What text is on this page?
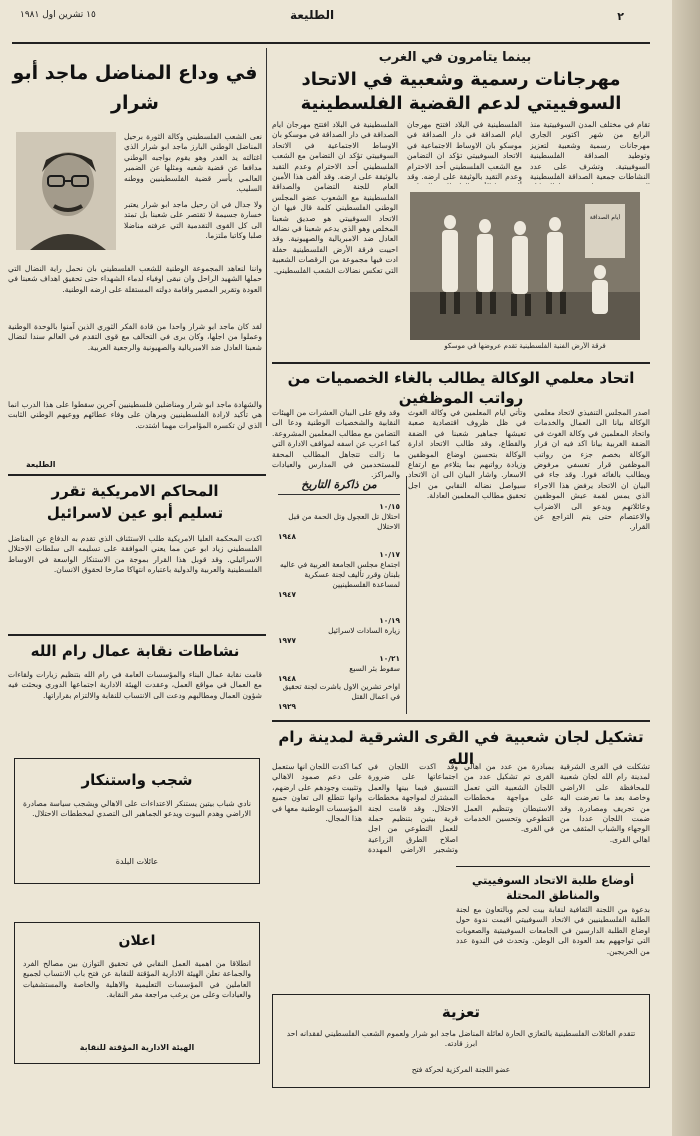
٢
الطليعة
١٥ تشرين أول ١٩٨١
بينما يتآمرون في الغرب
مهرجانات رسمية وشعبية في الاتحاد السوفييتي لدعم القضية الفلسطينية
تقام في مختلف المدن السوفييتية منذ الرابع من شهر اكتوبر الجاري مهرجانات رسمية وشعبية لتعزيز وتوطيد الصداقة الفلسطينية السوفييتية. وتشرف على عدد النشاطات جمعية الصداقة الفلسطينية
الفلسطينية في البلاد افتتح مهرجان ايام الصداقة في دار الصداقة في موسكو بان الاوساط الاجتماعية في الاتحاد السوفييتي تؤكد ان التضامن مع الشعب الفلسطيني أحد الاحترام وعدم التقيد بالوثيقة على ارضه. وقد
الفلسطينية في البلاد افتتح مهرجان ايام الصداقة في دار الصداقة في موسكو بان الاوساط الاجتماعية في الاتحاد السوفييتي تؤكد ان التضامن مع الشعب الفلسطيني أحد الاحترام وعدم التقيد بالوثيقة على ارضه. وقد ألقى هذا الأمين العام للجنة التضامن والصداقة الفلسطينية مع الشعوب عضو المجلس الوطني الفلسطيني كلمة قال فيها ان الاتحاد السوفييتي هو صديق شعبنا المخلص وهو الذي يدعم شعبنا في نضاله العادل ضد الامبريالية والصهيونية. وقد احييت فرقة الأرض الفلسطينية حفلة ادت فيها مجموعة من الرقصات الشعبية التي تعكس نضالات الشعب الفلسطيني.
أيام الصداقة
فرقة الأرض الفنية الفلسطينية تقدم عروضها في موسكو
في وداع المناضل ماجد أبو شرار
نعى الشعب الفلسطيني وكالة الثورة برحيل المناضل الوطني البارز ماجد ابو شرار الذي اغتالته يد الغدر وهو يقوم بواجبه الوطني مدافعا عن قضية شعبه ومثلها عن الضمير العالمي يأسر قضية الفلسطينيين ووطنه السليب.
ولا جدال في ان رحيل ماجد ابو شرار يعتبر خسارة جسيمة لا تقتصر على شعبنا بل تمتد الى كل القوى التقدمية التي عرفته مناضلا صلبا وكاتبا ملتزما.
واننا لنعاهد المجموعة الوطنية للشعب الفلسطيني بان نحمل راية النضال التي حملها الشهيد الراحل وان نبقى اوفياء لدماء الشهداء حتى تحقيق اهداف شعبنا في العودة وتقرير المصير واقامة دولته المستقلة على ارضه الوطنية.
لقد كان ماجد ابو شرار واحدا من قادة الفكر الثوري الذين آمنوا بالوحدة الوطنية وعملوا من اجلها، وكان يرى في التحالف مع قوى التقدم في العالم سندا لنضال شعبنا العادل ضد الامبريالية والصهيونية والرجعية العربية.
والشهادة ماجد ابو شرار ومناضلين فلسطينيين آخرين سقطوا على هذا الدرب انما هي تأكيد لارادة الفلسطينيين وبرهان على وفاء عطائهم ووعيهم الوطني الثابت الذي لن تكسره المؤامرات مهما اشتدت.
الطليعة
اتحاد معلمي الوكالة يطالب بالغاء الخصميات من رواتب الموظفين
اصدر المجلس التنفيذي لاتحاد معلمي الوكالة بيانا الى العمال والخدمات واتحاد المعلمين في وكالة الغوث في الضفة الغربية بيانا اكد فيه ان قرار الوكالة بخصم جزء من رواتب الموظفين قرار تعسفي مرفوض ويطالب بالغائه فورا. وقد جاء في البيان ان الاتحاد يرفض هذا الاجراء الذي يمس لقمة عيش الموظفين وعائلاتهم ويدعو الى الاضراب والاعتصام حتى يتم التراجع عن القرار.
وتأتي ايام المعلمين في وكالة الغوث في ظل ظروف اقتصادية صعبة تعيشها جماهير شعبنا في الضفة والقطاع، وقد طالب الاتحاد ادارة الوكالة بتحسين اوضاع الموظفين وزيادة رواتبهم بما يتلاءم مع ارتفاع الاسعار. واشار البيان الى ان الاتحاد سيواصل نضاله النقابي من اجل تحقيق مطالب المعلمين العادلة.
وقد وقع على البيان العشرات من الهيئات النقابية والشخصيات الوطنية ودعا الى التضامن مع مطالب المعلمين المشروعة. كما اعرب عن اسفه لمواقف الادارة التي ما زالت تتجاهل المطالب المحقة للمستخدمين في المدارس والعيادات والمراكز.
من ذاكرة التاريخ
١٠/١٥
احتلال تل العجول وتل الحمة من قبل الاحتلال
١٩٤٨
١٠/١٧
اجتماع مجلس الجامعة العربية في عاليه بلبنان وقرر تأليف لجنة عسكرية لمساعدة الفلسطينيين
١٩٤٧
١٠/١٩
زيارة السادات لاسرائيل
١٩٧٧
١٠/٢١
سقوط بئر السبع
١٩٤٨
اواخر تشرين الاول باشرت لجنة تحقيق في اعمال القتل
١٩٢٩
المحاكم الامريكية تقرر تسليم أبو عين لاسرائيل
اكدت المحكمة العليا الامريكية طلب الاستئناف الذي تقدم به الدفاع عن المناضل الفلسطيني زياد ابو عين مما يعني الموافقة على تسليمه الى سلطات الاحتلال الاسرائيلي. وقد قوبل هذا القرار بموجة من الاستنكار الواسعة في الاوساط الفلسطينية والعربية والدولية باعتباره انتهاكا صارخا لحقوق الانسان.
نشاطات نقابة عمال رام الله
قامت نقابة عمال البناء والمؤسسات العامة في رام الله بتنظيم زيارات ولقاءات مع العمال في مواقع العمل، وعقدت الهيئة الادارية اجتماعها الدوري وبحثت فيه شؤون العمال ومطالبهم ودعت الى الانتساب للنقابة والالتزام بقراراتها.
شجب واستنكار
نادي شباب بيتين يستنكر الاعتداءات على الاهالي ويشجب سياسة مصادرة الاراضي وهدم البيوت ويدعو الجماهير الى التصدي لمخططات الاحتلال.
عائلات البلدة
اعلان
انطلاقا من اهمية العمل النقابي في تحقيق التوازن بين مصالح الفرد والجماعة تعلن الهيئة الادارية المؤقتة للنقابة عن فتح باب الانتساب لجميع العاملين في المؤسسات التعليمية والاهلية والخاصة والمستشفيات والعيادات وعلى من يرغب مراجعة مقر النقابة.
الهيئة الادارية المؤقتة للنقابة
تشكيل لجان شعبية في القرى الشرقية لمدينة رام الله	تشكلت في القرى الشرقية لمدينة رام الله لجان شعبية للمحافظة على الاراضي وخاصة بعد ما تعرضت اليه من تجريف ومصادرة. وقد ضمت اللجان عددا من الوجهاء والشباب المثقف من اهالي القرى.
بمبادرة من عدد من اهالي القرى تم تشكيل عدد من اللجان الشعبية التي تعمل على مواجهة مخططات الاستيطان وتنظيم العمل التطوعي وتحسين الخدمات في القرى.
وقد اكدت اللجان في اجتماعاتها على ضرورة التنسيق فيما بينها والعمل المشترك لمواجهة مخططات الاحتلال. وقد قامت لجنة قرية بيتين بتنظيم حملة للعمل التطوعي من اجل اصلاح الطرق الزراعية وتشجير الاراضي المهددة
كما اكدت اللجان انها ستعمل على دعم صمود الاهالي وتثبيت وجودهم على ارضهم، وانها تتطلع الى تعاون جميع المؤسسات الوطنية معها في هذا المجال.
أوضاع طلبة الاتحاد السوفييتي والمناطق المحتلة
بدعوة من اللجنة الثقافية لنقابة بيت لحم وبالتعاون مع لجنة الطلبة الفلسطينيين في الاتحاد السوفييتي اقيمت ندوة حول اوضاع الطلبة الدارسين في الجامعات السوفييتية والصعوبات التي تواجههم بعد العودة الى الوطن. وتحدث في الندوة عدد من الخريجين.
تعزية
تتقدم العائلات الفلسطينية بالتعازي الحارة لعائلة المناضل ماجد ابو شرار ولعموم الشعب الفلسطيني لفقدانه احد ابرز قادته.
عضو اللجنة المركزية لحركة فتح
